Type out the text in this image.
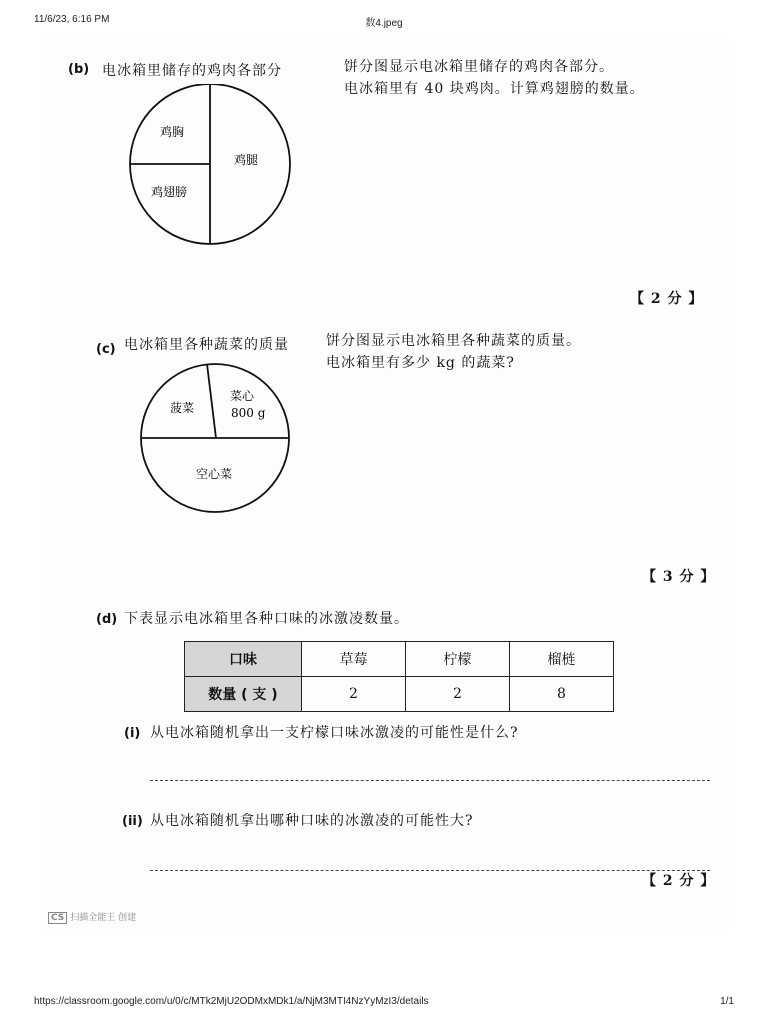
11/6/23, 6:16 PM	数4.jpeg
(b) 电冰箱里储存的鸡肉各部分	饼分图显示电冰箱里储存的鸡肉各部分。
电冰箱里有 40 块鸡肉。计算鸡翅膀的数量。
鸡胸
鸡翅膀
鸡腿
【 2 分 】
(c) 电冰箱里各种蔬菜的质量	饼分图显示电冰箱里各种蔬菜的质量。
电冰箱里有多少 kg 的蔬菜?
菠菜
菜心
800 g
空心菜
【 3 分 】
(d) 下表显示电冰箱里各种口味的冰激凌数量。
口味	草莓	柠檬	榴梿
数量 ( 支 )	2	2	8
(i) 从电冰箱随机拿出一支柠檬口味冰激凌的可能性是什么?
(ii) 从电冰箱随机拿出哪种口味的冰激凌的可能性大?
【 2 分 】
CS 扫描全能王 创建
https://classroom.google.com/u/0/c/MTk2MjU2ODMxMDk1/a/NjM3MTI4NzYyMzI3/details	1/1
